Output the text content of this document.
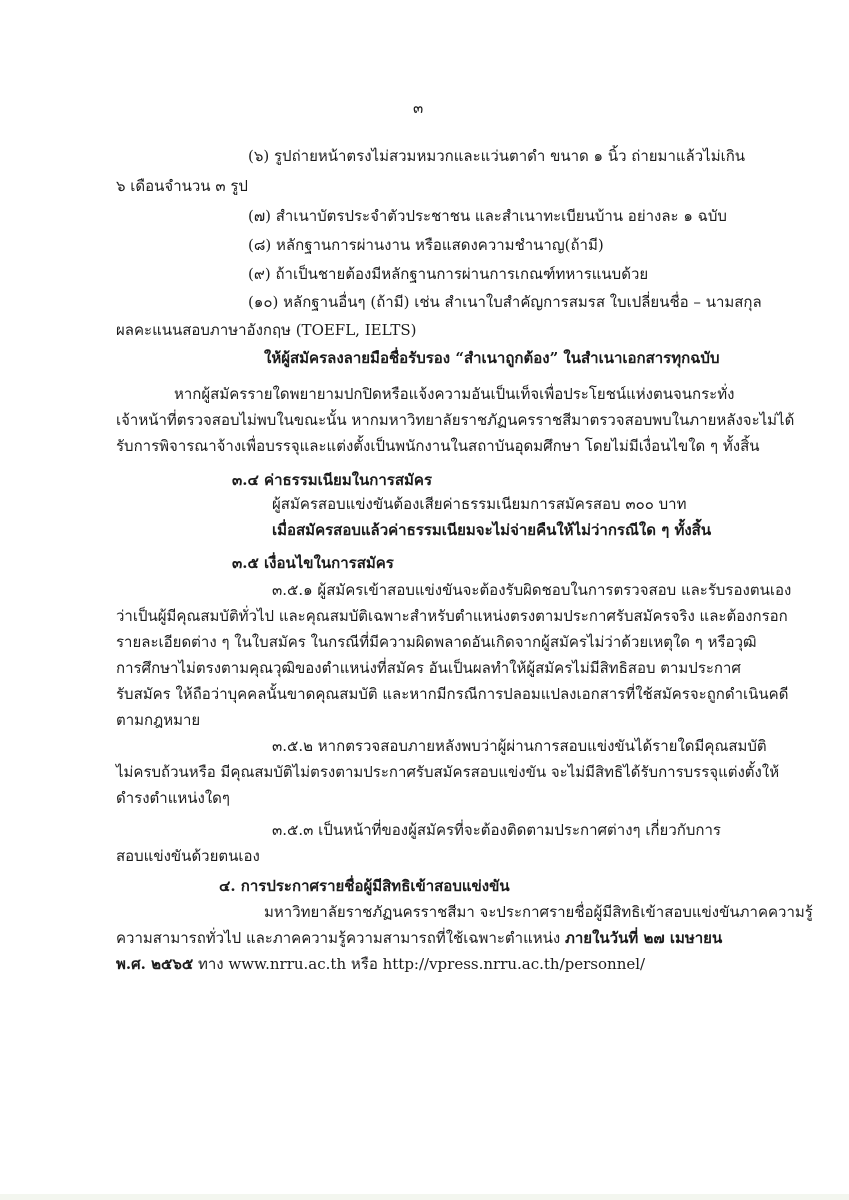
๓
(๖) รูปถ่ายหน้าตรงไม่สวมหมวกและแว่นตาดำ ขนาด ๑ นิ้ว ถ่ายมาแล้วไม่เกิน
๖ เดือนจำนวน ๓ รูป
(๗) สำเนาบัตรประจำตัวประชาชน และสำเนาทะเบียนบ้าน อย่างละ ๑ ฉบับ
(๘) หลักฐานการผ่านงาน หรือแสดงความชำนาญ(ถ้ามี)
(๙) ถ้าเป็นชายต้องมีหลักฐานการผ่านการเกณฑ์ทหารแนบด้วย
(๑๐) หลักฐานอื่นๆ (ถ้ามี) เช่น สำเนาใบสำคัญการสมรส ใบเปลี่ยนชื่อ – นามสกุล
ผลคะแนนสอบภาษาอังกฤษ (TOEFL, IELTS)
ให้ผู้สมัครลงลายมือชื่อรับรอง “สำเนาถูกต้อง” ในสำเนาเอกสารทุกฉบับ
หากผู้สมัครรายใดพยายามปกปิดหรือแจ้งความอันเป็นเท็จเพื่อประโยชน์แห่งตนจนกระทั่ง
เจ้าหน้าที่ตรวจสอบไม่พบในขณะนั้น หากมหาวิทยาลัยราชภัฏนครราชสีมาตรวจสอบพบในภายหลังจะไม่ได้
รับการพิจารณาจ้างเพื่อบรรจุและแต่งตั้งเป็นพนักงานในสถาบันอุดมศึกษา โดยไม่มีเงื่อนไขใด ๆ ทั้งสิ้น
๓.๔ ค่าธรรมเนียมในการสมัคร
ผู้สมัครสอบแข่งขันต้องเสียค่าธรรมเนียมการสมัครสอบ ๓๐๐ บาท
เมื่อสมัครสอบแล้วค่าธรรมเนียมจะไม่จ่ายคืนให้ไม่ว่ากรณีใด ๆ ทั้งสิ้น
๓.๕ เงื่อนไขในการสมัคร
๓.๕.๑ ผู้สมัครเข้าสอบแข่งขันจะต้องรับผิดชอบในการตรวจสอบ และรับรองตนเอง
ว่าเป็นผู้มีคุณสมบัติทั่วไป และคุณสมบัติเฉพาะสำหรับตำแหน่งตรงตามประกาศรับสมัครจริง และต้องกรอก
รายละเอียดต่าง ๆ ในใบสมัคร ในกรณีที่มีความผิดพลาดอันเกิดจากผู้สมัครไม่ว่าด้วยเหตุใด ๆ หรือวุฒิ
การศึกษาไม่ตรงตามคุณวุฒิของตำแหน่งที่สมัคร อันเป็นผลทำให้ผู้สมัครไม่มีสิทธิสอบ ตามประกาศ
รับสมัคร ให้ถือว่าบุคคลนั้นขาดคุณสมบัติ และหากมีกรณีการปลอมแปลงเอกสารที่ใช้สมัครจะถูกดำเนินคดี
ตามกฎหมาย
๓.๕.๒ หากตรวจสอบภายหลังพบว่าผู้ผ่านการสอบแข่งขันได้รายใดมีคุณสมบัติ
ไม่ครบถ้วนหรือ มีคุณสมบัติไม่ตรงตามประกาศรับสมัครสอบแข่งขัน จะไม่มีสิทธิได้รับการบรรจุแต่งตั้งให้
ดำรงตำแหน่งใดๆ
๓.๕.๓ เป็นหน้าที่ของผู้สมัครที่จะต้องติดตามประกาศต่างๆ เกี่ยวกับการ
สอบแข่งขันด้วยตนเอง
๔. การประกาศรายชื่อผู้มีสิทธิเข้าสอบแข่งขัน
มหาวิทยาลัยราชภัฏนครราชสีมา จะประกาศรายชื่อผู้มีสิทธิเข้าสอบแข่งขันภาคความรู้
ความสามารถทั่วไป และภาคความรู้ความสามารถที่ใช้เฉพาะตำแหน่ง ภายในวันที่ ๒๗ เมษายน
พ.ศ. ๒๕๖๕ ทาง www.nrru.ac.th หรือ http://vpress.nrru.ac.th/personnel/
